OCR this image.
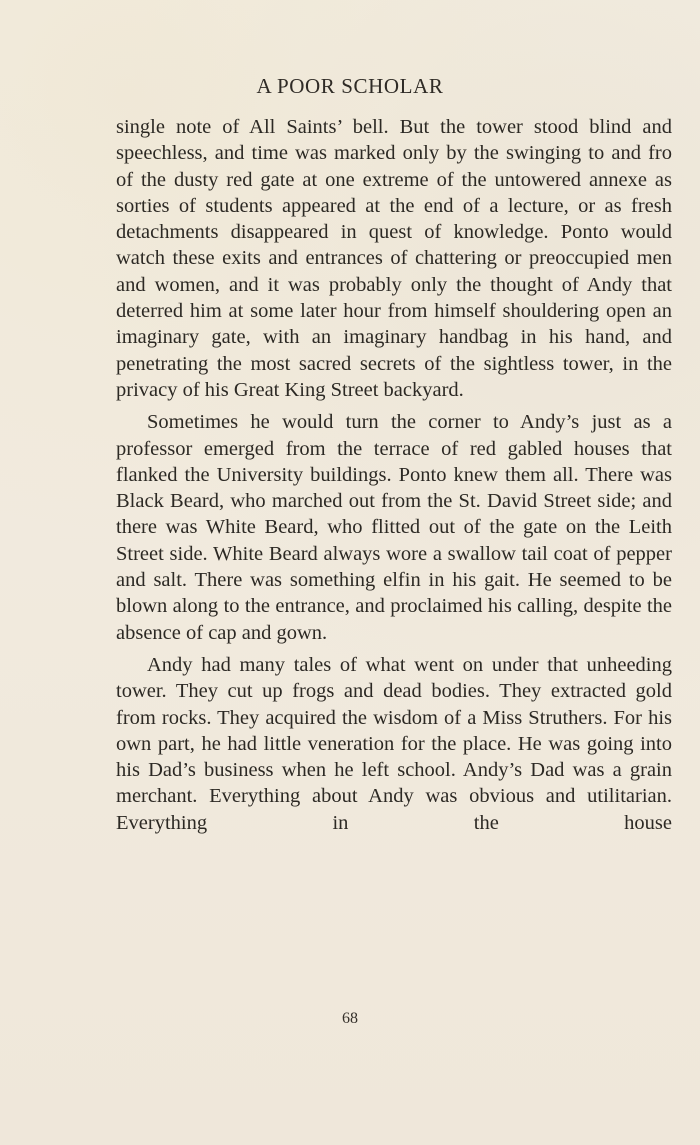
A POOR SCHOLAR

single note of All Saints’ bell. But the tower stood blind and speechless, and time was marked only by the swinging to and fro of the dusty red gate at one extreme of the untowered annexe as sorties of students appeared at the end of a lecture, or as fresh detachments disappeared in quest of knowledge. Ponto would watch these exits and entrances of chattering or preoccupied men and women, and it was probably only the thought of Andy that deterred him at some later hour from himself shouldering open an imaginary gate, with an imaginary handbag in his hand, and penetrating the most sacred secrets of the sightless tower, in the privacy of his Great King Street backyard.

Sometimes he would turn the corner to Andy’s just as a professor emerged from the terrace of red gabled houses that flanked the University buildings. Ponto knew them all. There was Black Beard, who marched out from the St. David Street side; and there was White Beard, who flitted out of the gate on the Leith Street side. White Beard always wore a swallow tail coat of pepper and salt. There was something elfin in his gait. He seemed to be blown along to the entrance, and proclaimed his calling, despite the absence of cap and gown.

Andy had many tales of what went on under that unheeding tower. They cut up frogs and dead bodies. They extracted gold from rocks. They acquired the wisdom of a Miss Struthers. For his own part, he had little veneration for the place. He was going into his Dad’s business when he left school. Andy’s Dad was a grain merchant. Everything about Andy was obvious and utilitarian. Everything in the house

68
